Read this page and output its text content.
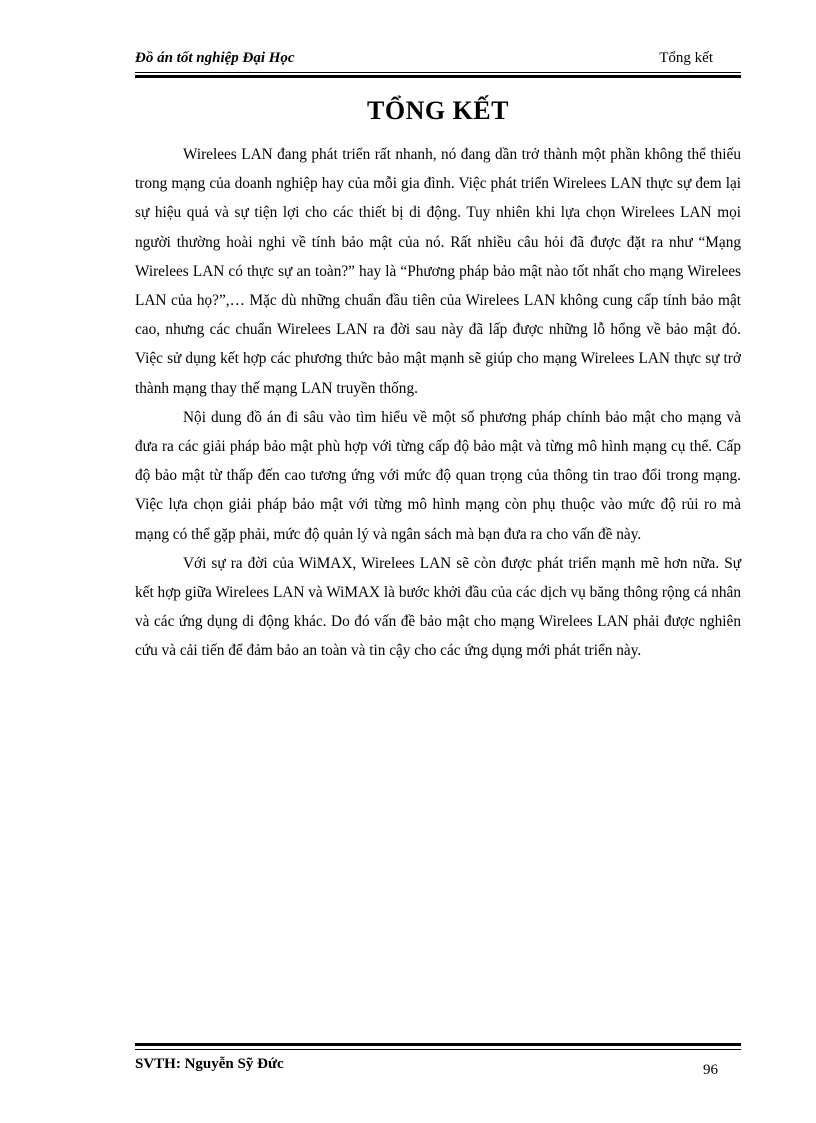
Đồ án tốt nghiệp Đại Học	Tổng kết
TỔNG KẾT

Wirelees LAN đang phát triển rất nhanh, nó đang dần trở thành một phần không thể thiếu trong mạng của doanh nghiệp hay của mỗi gia đình. Việc phát triển Wirelees LAN thực sự đem lại sự hiệu quả và sự tiện lợi cho các thiết bị di động. Tuy nhiên khi lựa chọn Wirelees LAN mọi người thường hoài nghi về tính bảo mật của nó. Rất nhiều câu hỏi đã được đặt ra như “Mạng Wirelees LAN có thực sự an toàn?” hay là “Phương pháp bảo mật nào tốt nhất cho mạng Wirelees LAN của họ?”,… Mặc dù những chuẩn đầu tiên của Wirelees LAN không cung cấp tính bảo mật cao, nhưng các chuẩn Wirelees LAN ra đời sau này đã lấp được những lỗ hổng về bảo mật đó. Việc sử dụng kết hợp các phương thức bảo mật mạnh sẽ giúp cho mạng Wirelees LAN thực sự trở thành mạng thay thế mạng LAN truyền thống.

Nội dung đồ án đi sâu vào tìm hiểu về một số phương pháp chính bảo mật cho mạng và đưa ra các giải pháp bảo mật phù hợp với từng cấp độ bảo mật và từng mô hình mạng cụ thể. Cấp độ bảo mật từ thấp đến cao tương ứng với mức độ quan trọng của thông tin trao đổi trong mạng. Việc lựa chọn giải pháp bảo mật với từng mô hình mạng còn phụ thuộc vào mức độ rủi ro mà mạng có thể gặp phải, mức độ quản lý và ngân sách mà bạn đưa ra cho vấn đề này.

Với sự ra đời của WiMAX, Wirelees LAN sẽ còn được phát triển mạnh mẽ hơn nữa. Sự kết hợp giữa Wirelees LAN và WiMAX là bước khởi đầu của các dịch vụ băng thông rộng cá nhân và các ứng dụng di động khác. Do đó vấn đề bảo mật cho mạng Wirelees LAN phải được nghiên cứu và cải tiến để đảm bảo an toàn và tin cậy cho các ứng dụng mới phát triển này.

SVTH: Nguyễn Sỹ Đức	96
